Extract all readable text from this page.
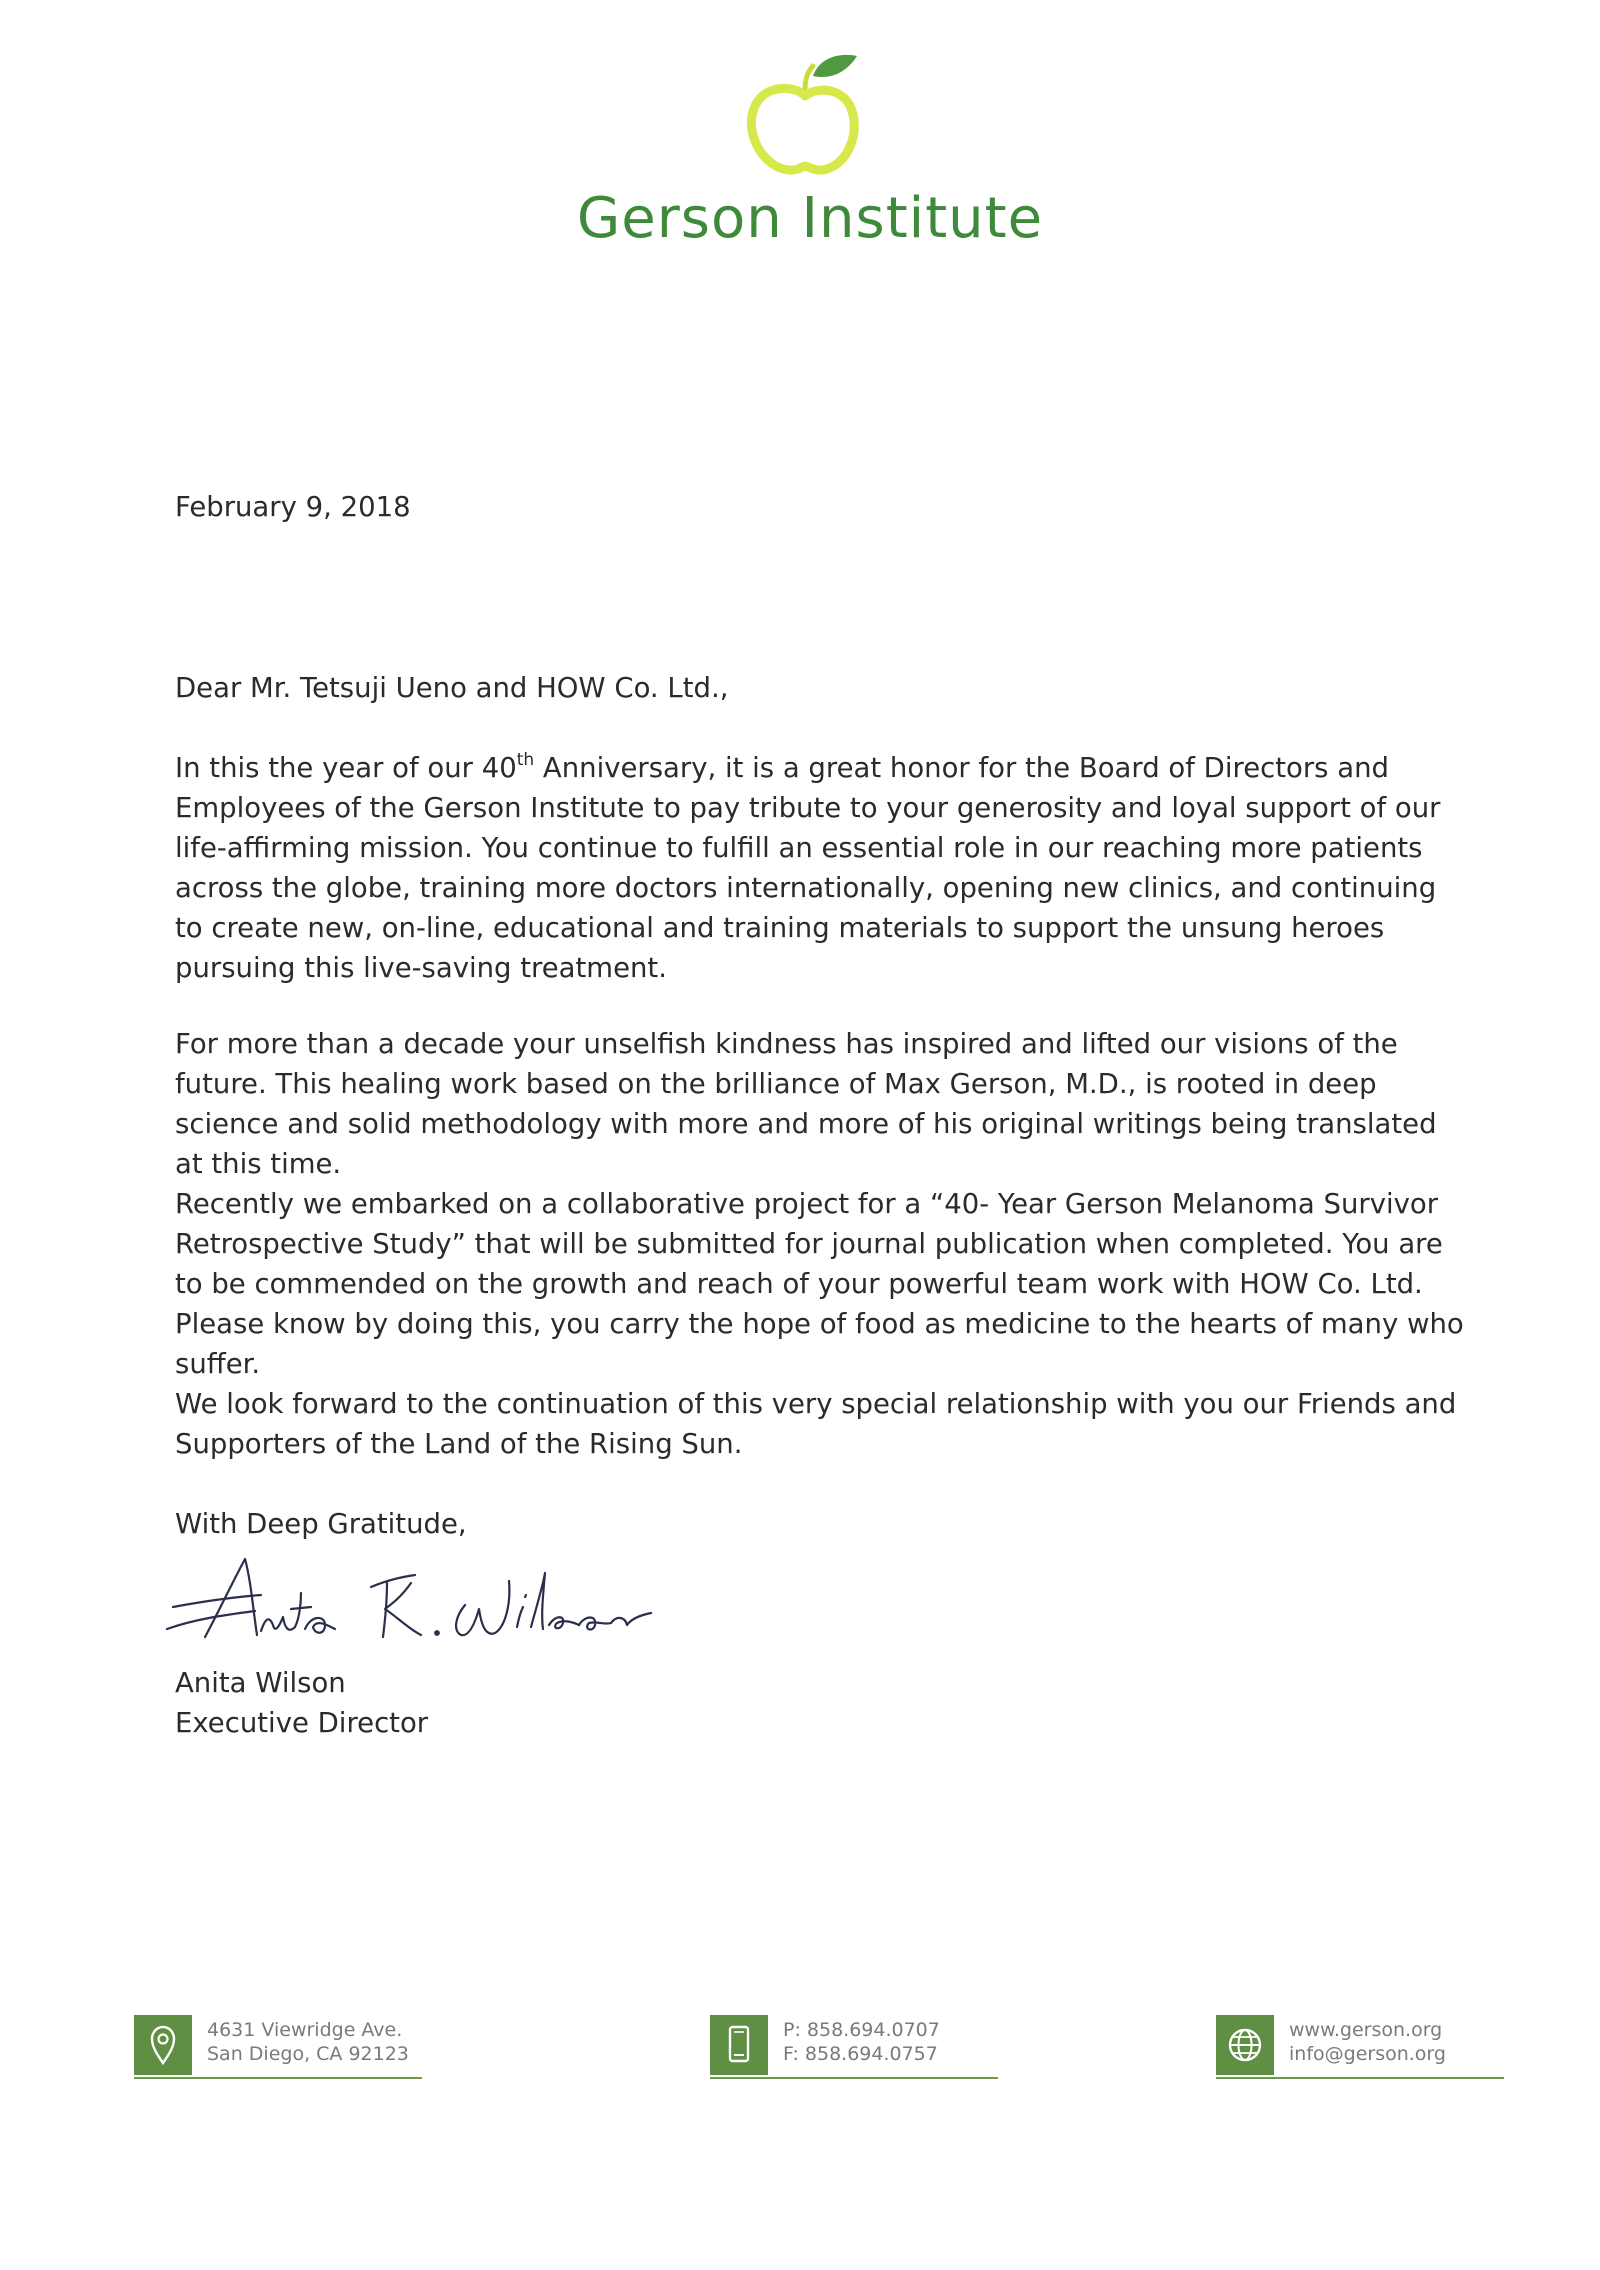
Gerson Institute
February 9, 2018
Dear Mr. Tetsuji Ueno and HOW Co. Ltd.,

In this the year of our 40th Anniversary, it is a great honor for the Board of Directors and Employees of the Gerson Institute to pay tribute to your generosity and loyal support of our life-affirming mission. You continue to fulfill an essential role in our reaching more patients across the globe, training more doctors internationally, opening new clinics, and continuing to create new, on-line, educational and training materials to support the unsung heroes pursuing this live-saving treatment.

For more than a decade your unselfish kindness has inspired and lifted our visions of the future. This healing work based on the brilliance of Max Gerson, M.D., is rooted in deep science and solid methodology with more and more of his original writings being translated at this time.

Recently we embarked on a collaborative project for a “40- Year Gerson Melanoma Survivor Retrospective Study” that will be submitted for journal publication when completed. You are to be commended on the growth and reach of your powerful team work with HOW Co. Ltd. Please know by doing this, you carry the hope of food as medicine to the hearts of many who suffer.

We look forward to the continuation of this very special relationship with you our Friends and Supporters of the Land of the Rising Sun.

With Deep Gratitude,
Anita Wilson
Executive Director
4631 Viewridge Ave.
San Diego, CA 92123
P: 858.694.0707
F: 858.694.0757
www.gerson.org
info@gerson.org
